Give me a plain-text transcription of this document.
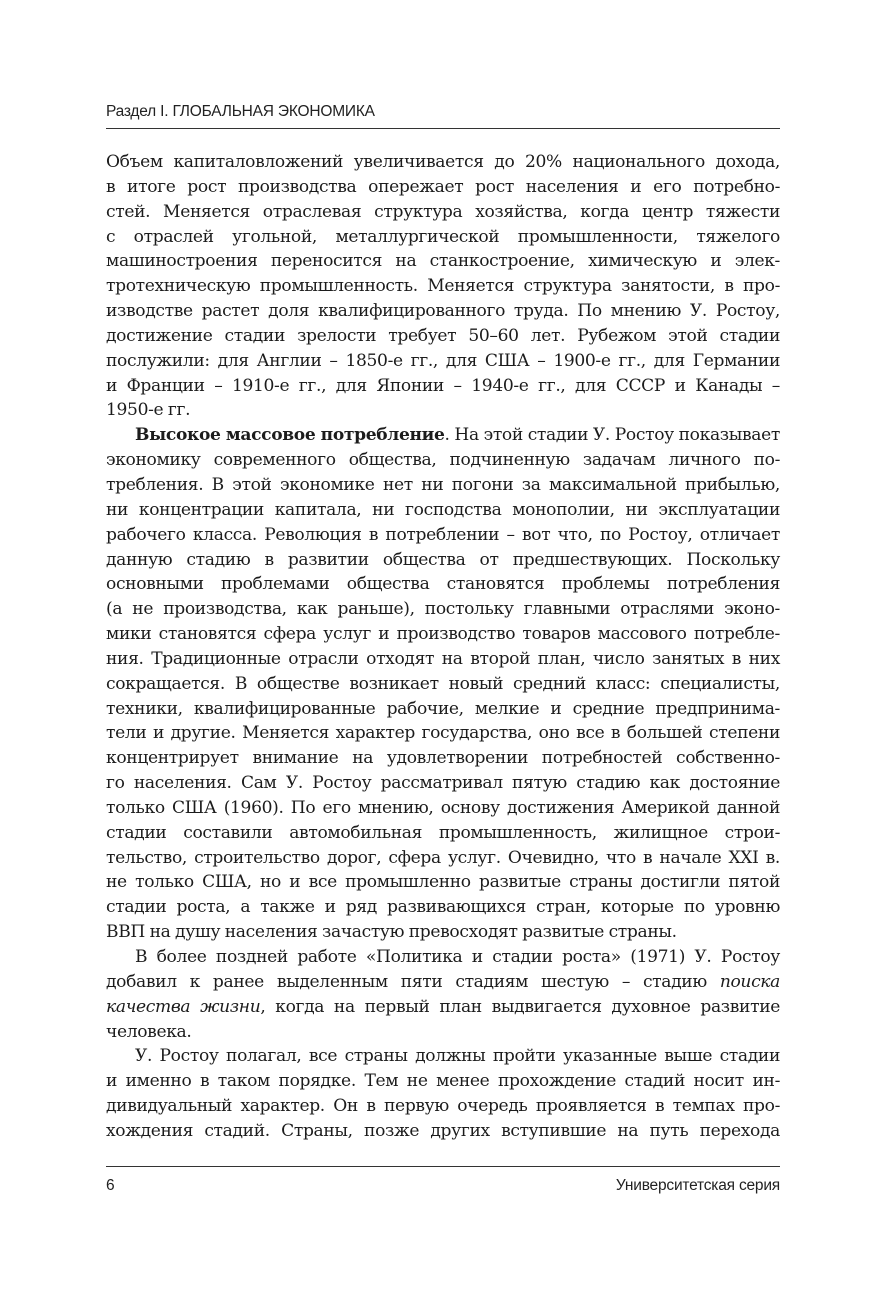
Раздел I. ГЛОБАЛЬНАЯ ЭКОНОМИКА
Объем капиталовложений увеличивается до 20% национального дохода,
в итоге рост производства опережает рост населения и его потребно-
стей. Меняется отраслевая структура хозяйства, когда центр тяжести
с отраслей угольной, металлургической промышленности, тяжелого
машиностроения переносится на станкостроение, химическую и элек-
тротехническую промышленность. Меняется структура занятости, в про-
изводстве растет доля квалифицированного труда. По мнению У. Ростоу,
достижение стадии зрелости требует 50–60 лет. Рубежом этой стадии
послужили: для Англии – 1850-е гг., для США – 1900-е гг., для Германии
и Франции – 1910-е гг., для Японии – 1940-е гг., для СССР и Канады –
1950-е гг.
Высокое массовое потребление. На этой стадии У. Ростоу показывает
экономику современного общества, подчиненную задачам личного по-
требления. В этой экономике нет ни погони за максимальной прибылью,
ни концентрации капитала, ни господства монополии, ни эксплуатации
рабочего класса. Революция в потреблении – вот что, по Ростоу, отличает
данную стадию в развитии общества от предшествующих. Поскольку
основными проблемами общества становятся проблемы потребления
(а не производства, как раньше), постольку главными отраслями эконо-
мики становятся сфера услуг и производство товаров массового потребле-
ния. Традиционные отрасли отходят на второй план, число занятых в них
сокращается. В обществе возникает новый средний класс: специалисты,
техники, квалифицированные рабочие, мелкие и средние предпринима-
тели и другие. Меняется характер государства, оно все в большей степени
концентрирует внимание на удовлетворении потребностей собственно-
го населения. Сам У. Ростоу рассматривал пятую стадию как достояние
только США (1960). По его мнению, основу достижения Америкой данной
стадии составили автомобильная промышленность, жилищное строи-
тельство, строительство дорог, сфера услуг. Очевидно, что в начале XXI в.
не только США, но и все промышленно развитые страны достигли пятой
стадии роста, а также и ряд развивающихся стран, которые по уровню
ВВП на душу населения зачастую превосходят развитые страны.
В более поздней работе «Политика и стадии роста» (1971) У. Ростоу
добавил к ранее выделенным пяти стадиям шестую – стадию поиска
качества жизни, когда на первый план выдвигается духовное развитие
человека.
У. Ростоу полагал, все страны должны пройти указанные выше стадии
и именно в таком порядке. Тем не менее прохождение стадий носит ин-
дивидуальный характер. Он в первую очередь проявляется в темпах про-
хождения стадий. Страны, позже других вступившие на путь перехода
6	Университетская серия
